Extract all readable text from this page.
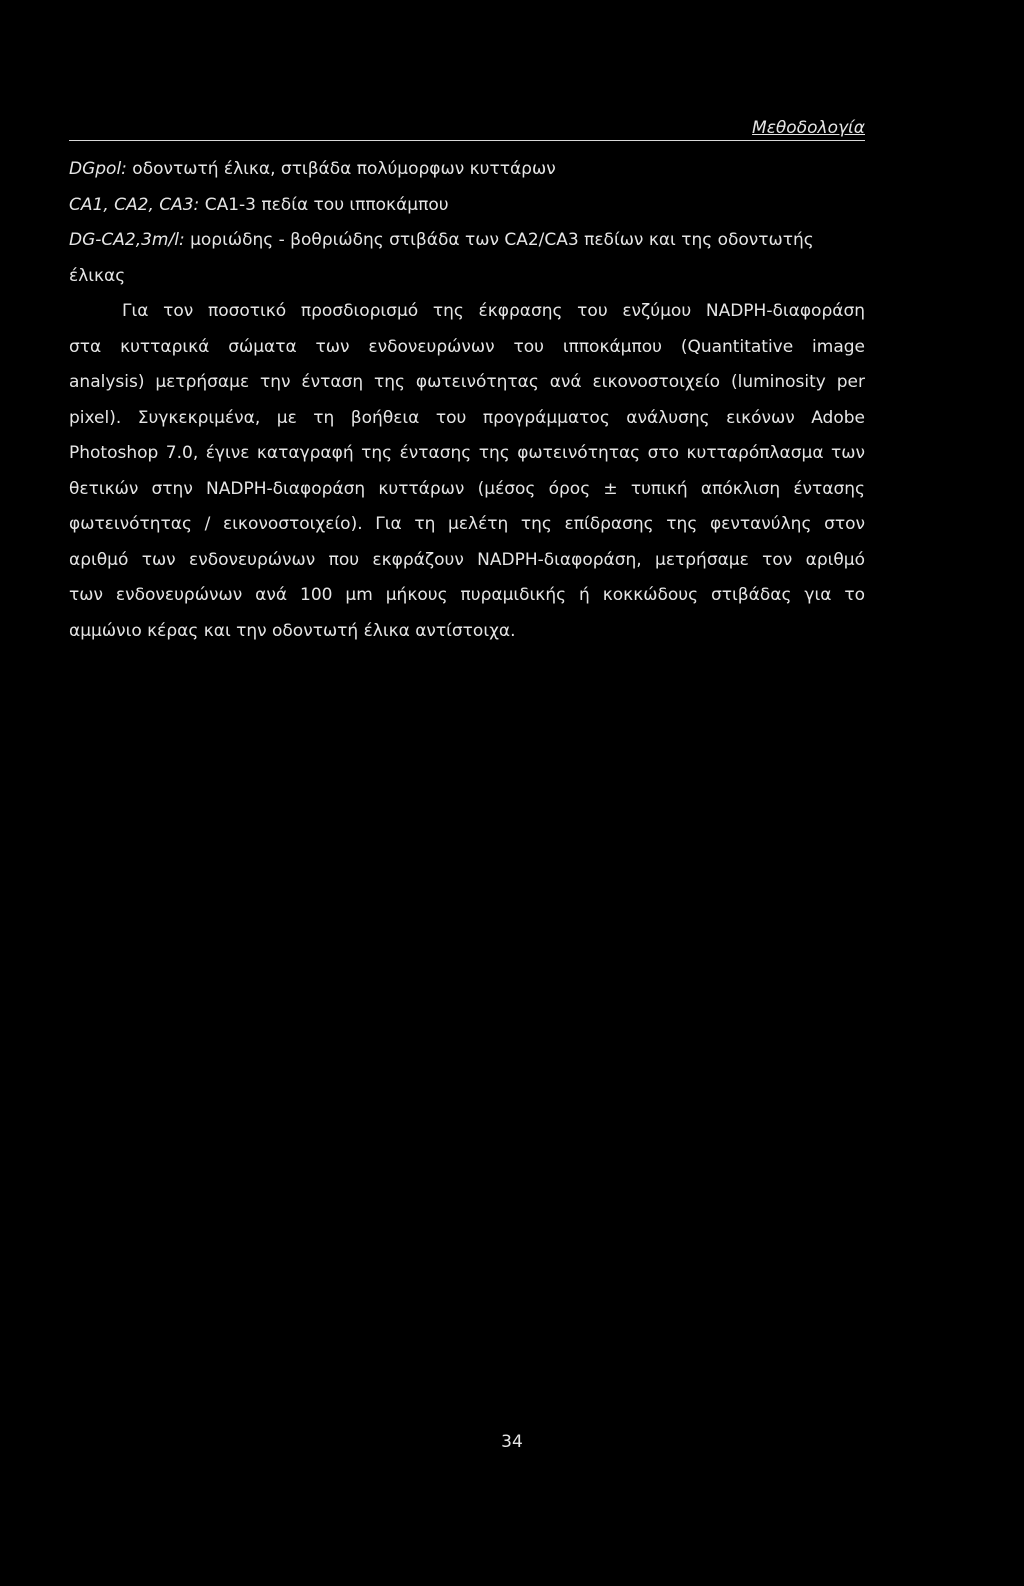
Μεθοδολογία
DGpol: οδοντωτή έλικα, στιβάδα πολύμορφων κυττάρων
CA1, CA2, CA3: CA1-3 πεδία του ιπποκάμπου
DG-CA2,3m/l: μοριώδης - βοθριώδης στιβάδα των CA2/CA3 πεδίων και της οδοντωτής
έλικας
Για τον ποσοτικό προσδιορισμό της έκφρασης του ενζύμου NADPH-διαφοράση
στα κυτταρικά σώματα των ενδονευρώνων του ιπποκάμπου (Quantitative image
analysis) μετρήσαμε την ένταση της φωτεινότητας ανά εικονοστοιχείο (luminosity per
pixel). Συγκεκριμένα, με τη βοήθεια του προγράμματος ανάλυσης εικόνων Adobe
Photoshop 7.0, έγινε καταγραφή της έντασης της φωτεινότητας στο κυτταρόπλασμα των
θετικών στην NADPH-διαφοράση κυττάρων (μέσος όρος ± τυπική απόκλιση έντασης
φωτεινότητας / εικονοστοιχείο). Για τη μελέτη της επίδρασης της φεντανύλης στον
αριθμό των ενδονευρώνων που εκφράζουν NADPH-διαφοράση, μετρήσαμε τον αριθμό
των ενδονευρώνων ανά 100 μm μήκους πυραμιδικής ή κοκκώδους στιβάδας για το
αμμώνιο κέρας και την οδοντωτή έλικα αντίστοιχα.
34
